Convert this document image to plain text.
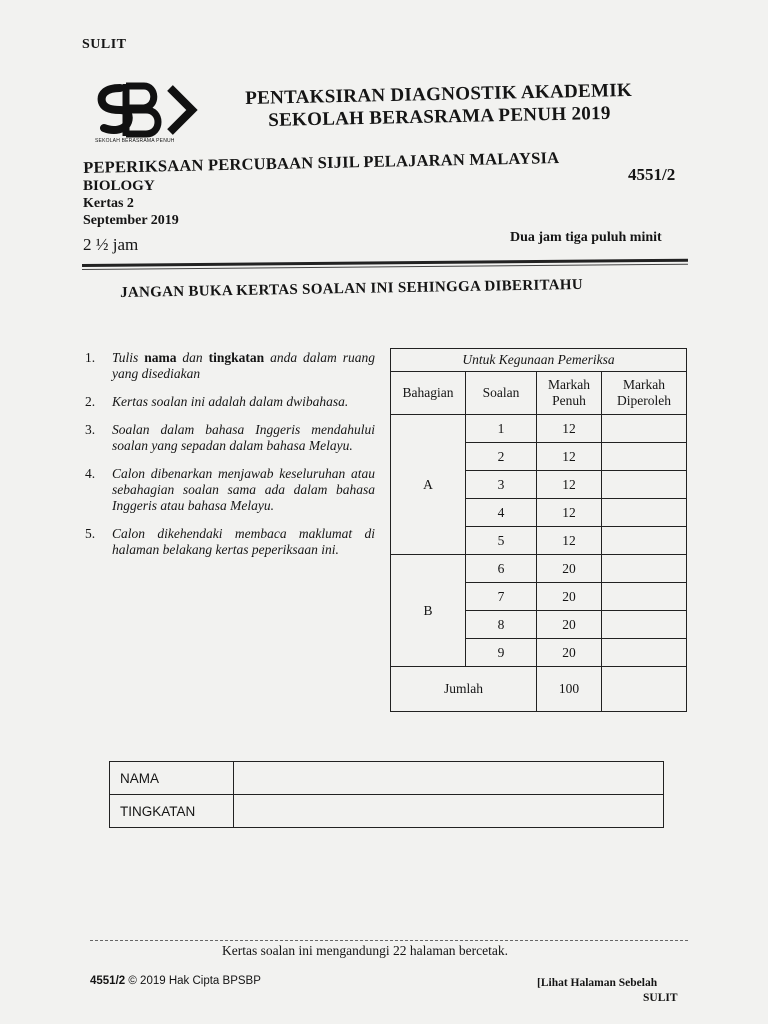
SULIT
SEKOLAH BERASRAMA PENUH
PENTAKSIRAN DIAGNOSTIK AKADEMIK
SEKOLAH BERASRAMA PENUH 2019
PEPERIKSAAN PERCUBAAN SIJIL PELAJARAN MALAYSIA
BIOLOGY
Kertas 2
September 2019
2 ½ jam
4551/2
Dua jam tiga puluh minit
JANGAN BUKA KERTAS SOALAN INI SEHINGGA DIBERITAHU
1.	Tulis nama dan tingkatan anda dalam ruang yang disediakan
2.	Kertas soalan ini adalah dalam dwibahasa.
3.	Soalan dalam bahasa Inggeris mendahului soalan yang sepadan dalam bahasa Melayu.
4.	Calon dibenarkan menjawab keseluruhan atau sebahagian soalan sama ada dalam bahasa Inggeris atau bahasa Melayu.
5.	Calon dikehendaki membaca maklumat di halaman belakang kertas peperiksaan ini.
Untuk Kegunaan Pemeriksa			
Bahagian	Soalan	Markah Penuh	Markah Diperoleh
A	1	12	
	2	12	
	3	12	
	4	12	
	5	12	
B	6	20	
	7	20	
	8	20	
	9	20	
Jumlah		100	
NAMA	
TINGKATAN	
Kertas soalan ini mengandungi 22 halaman bercetak.
4551/2 © 2019 Hak Cipta BPSBP	[Lihat Halaman Sebelah
SULIT
